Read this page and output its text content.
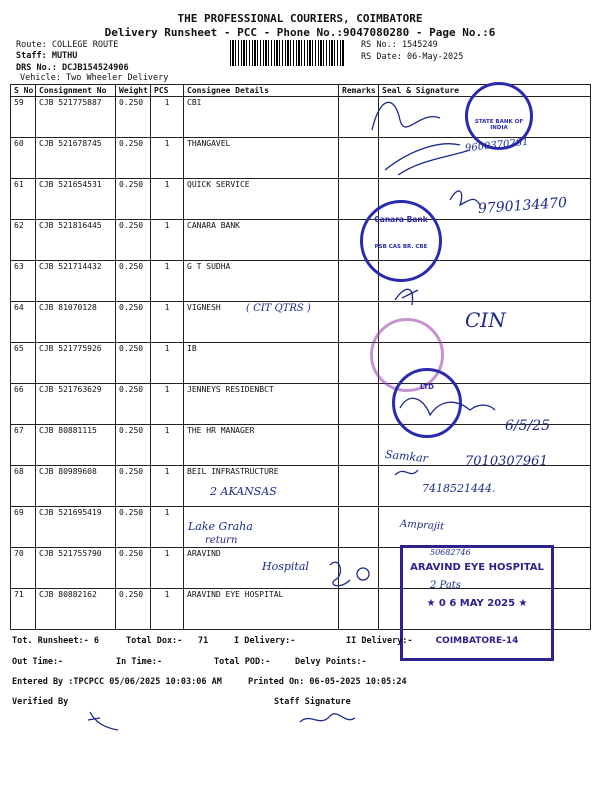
THE PROFESSIONAL COURIERS, COIMBATORE
Delivery Runsheet - PCC - Phone No.:9047080280 - Page No.:6
Route: COLLEGE ROUTE
Staff: MUTHU
DRS No.: DCJB154524906
Vehicle: Two Wheeler Delivery
RS No.: 1545249
RS Date: 06-May-2025
S No	Consignment No	Weight	PCS	Consignee Details	Remarks	Seal & Signature
59	CJB 521775887	0.250	1	CBI		
60	CJB 521678745	0.250	1	THANGAVEL		
61	CJB 521654531	0.250	1	QUICK SERVICE		
62	CJB 521816445	0.250	1	CANARA BANK		
63	CJB 521714432	0.250	1	G T SUDHA		
64	CJB 81070128	0.250	1	VIGNESH		
65	CJB 521775926	0.250	1	IB		
66	CJB 521763629	0.250	1	JENNEYS RESIDENBCT		
67	CJB 80881115	0.250	1	THE HR MANAGER		
68	CJB 80989608	0.250	1	BEIL INFRASTRUCTURE		
69	CJB 521695419	0.250	1			
70	CJB 521755790	0.250	1	ARAVIND		
71	CJB 80882162	0.250	1	ARAVIND EYE HOSPITAL		
STATE BANK OF INDIA
Canara Bank
PSB CAS BR. CBE
LTD
ARAVIND EYE HOSPITAL
★ 0 6 MAY 2025 ★
COIMBATORE-14
9600370261
9790134470
( CIT QTRS )	CIN
6/5/25
Samkar	7010307961
7418521444.
2 AKANSAS
Lake Graha
return
Hospital
Amprajit
50682746
2 Pats
Tot. Runsheet:- 6	Total Dox:- 71	I Delivery:-	II Delivery:-
Out Time:-	In Time:-	Total POD:-	Delvy Points:-
Entered By :TPCPCC 05/06/2025 10:03:06 AM	Printed On: 06-05-2025 10:05:24
Verified By	Staff Signature
